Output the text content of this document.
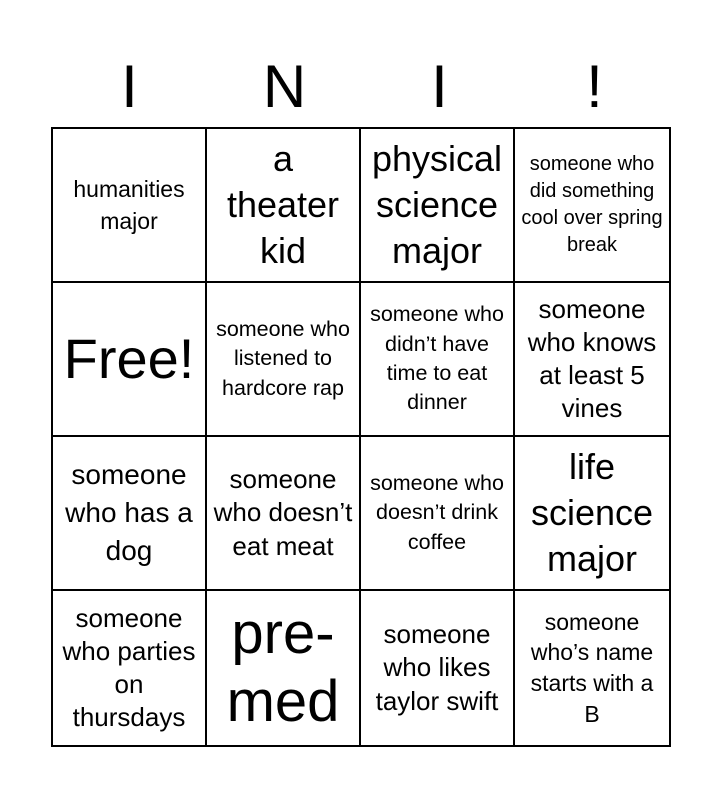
I	N	I	!
humanities major
a theater kid
physical science major
someone who did something cool over spring break
Free! someone who listened to hardcore rap
someone who didn’t have time to eat dinner
someone who knows at least 5 vines
someone who has a dog
someone who doesn’t eat meat
someone who doesn’t drink coffee
life science major
someone who parties on thursdays
pre-med
someone who likes taylor swift
someone who’s name starts with a B
